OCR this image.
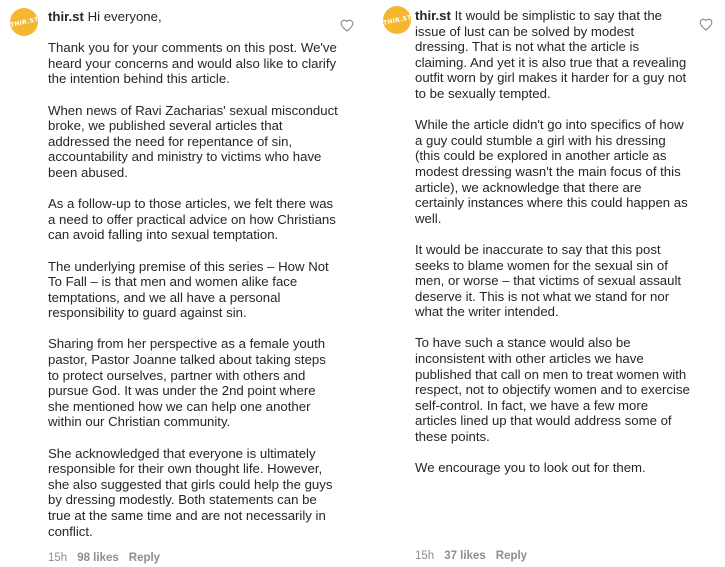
THIR.ST thir.st Hi everyone,

Thank you for your comments on this post. We've heard your concerns and would also like to clarify the intention behind this article.

When news of Ravi Zacharias' sexual misconduct broke, we published several articles that addressed the need for repentance of sin, accountability and ministry to victims who have been abused.

As a follow-up to those articles, we felt there was a need to offer practical advice on how Christians can avoid falling into sexual temptation.

The underlying premise of this series – How Not To Fall – is that men and women alike face temptations, and we all have a personal responsibility to guard against sin.

Sharing from her perspective as a female youth pastor, Pastor Joanne talked about taking steps to protect ourselves, partner with others and pursue God. It was under the 2nd point where she mentioned how we can help one another within our Christian community.

She acknowledged that everyone is ultimately responsible for their own thought life. However, she also suggested that girls could help the guys by dressing modestly. Both statements can be true at the same time and are not necessarily in conflict.

15h 98 likes Reply
THIR.ST thir.st It would be simplistic to say that the issue of lust can be solved by modest dressing. That is not what the article is claiming. And yet it is also true that a revealing outfit worn by girl makes it harder for a guy not to be sexually tempted.

While the article didn't go into specifics of how a guy could stumble a girl with his dressing (this could be explored in another article as modest dressing wasn't the main focus of this article), we acknowledge that there are certainly instances where this could happen as well.

It would be inaccurate to say that this post seeks to blame women for the sexual sin of men, or worse – that victims of sexual assault deserve it. This is not what we stand for nor what the writer intended.

To have such a stance would also be inconsistent with other articles we have published that call on men to treat women with respect, not to objectify women and to exercise self-control. In fact, we have a few more articles lined up that would address some of these points.

We encourage you to look out for them.

15h 37 likes Reply
